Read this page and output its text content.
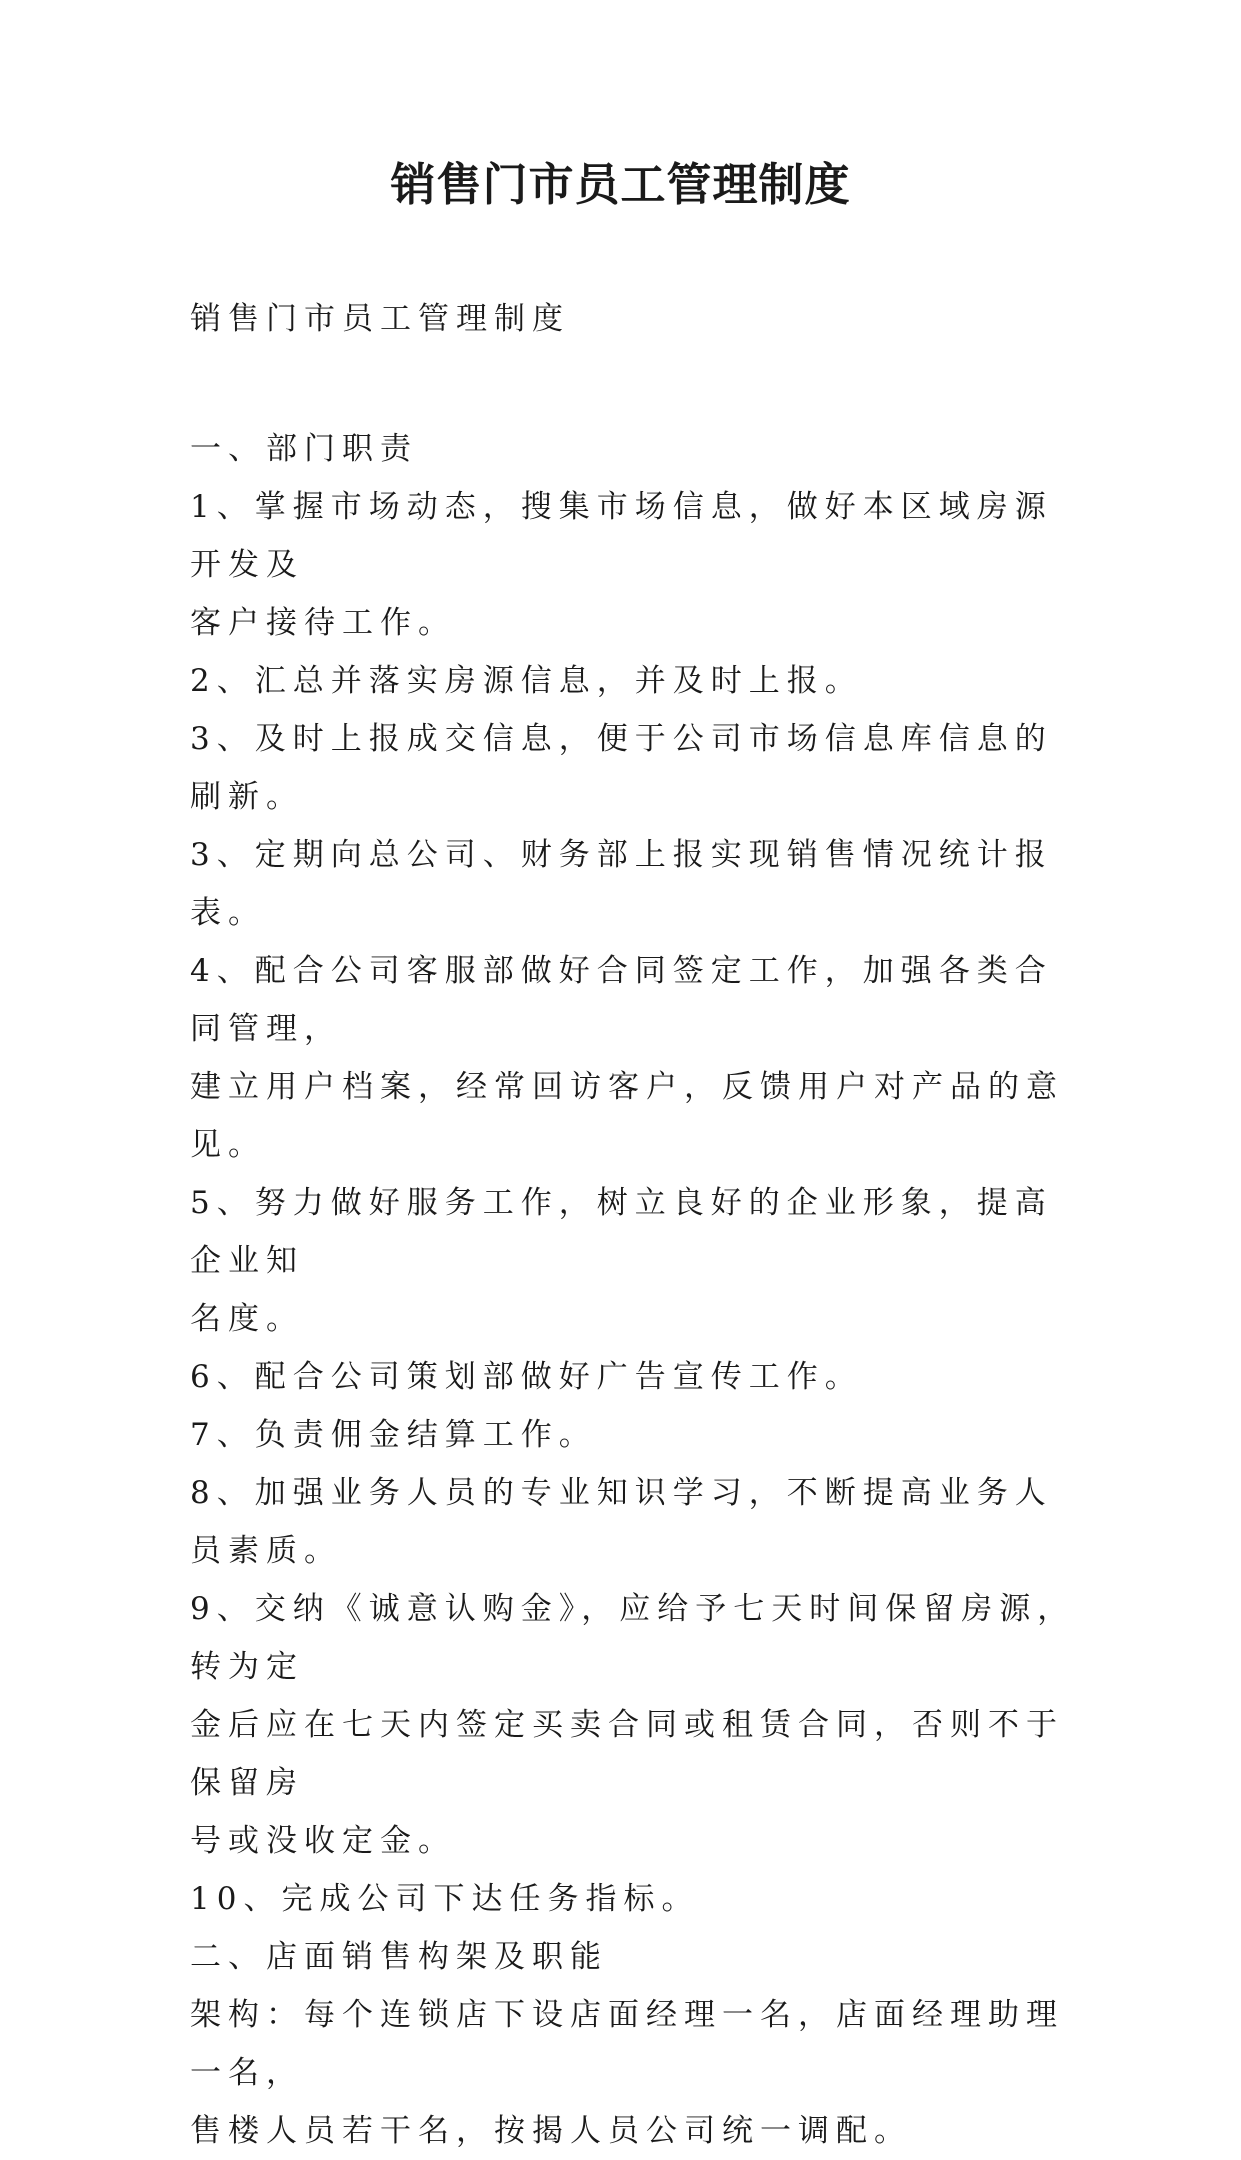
销售门市员工管理制度

销售门市员工管理制度

一、部门职责

1、掌握市场动态，搜集市场信息，做好本区域房源开发及

客户接待工作。

2、汇总并落实房源信息，并及时上报。

3、及时上报成交信息，便于公司市场信息库信息的刷新。

3、定期向总公司、财务部上报实现销售情况统计报表。

4、配合公司客服部做好合同签定工作，加强各类合同管理，

建立用户档案，经常回访客户，反馈用户对产品的意见。

5、努力做好服务工作，树立良好的企业形象，提高企业知

名度。

6、配合公司策划部做好广告宣传工作。

7、负责佣金结算工作。

8、加强业务人员的专业知识学习，不断提高业务人员素质。

9、交纳《诚意认购金》，应给予七天时间保留房源，转为定

金后应在七天内签定买卖合同或租赁合同，否则不于保留房

号或没收定金。

10、完成公司下达任务指标。

二、店面销售构架及职能

架构：每个连锁店下设店面经理一名，店面经理助理一名，

售楼人员若干名，按揭人员公司统一调配。
